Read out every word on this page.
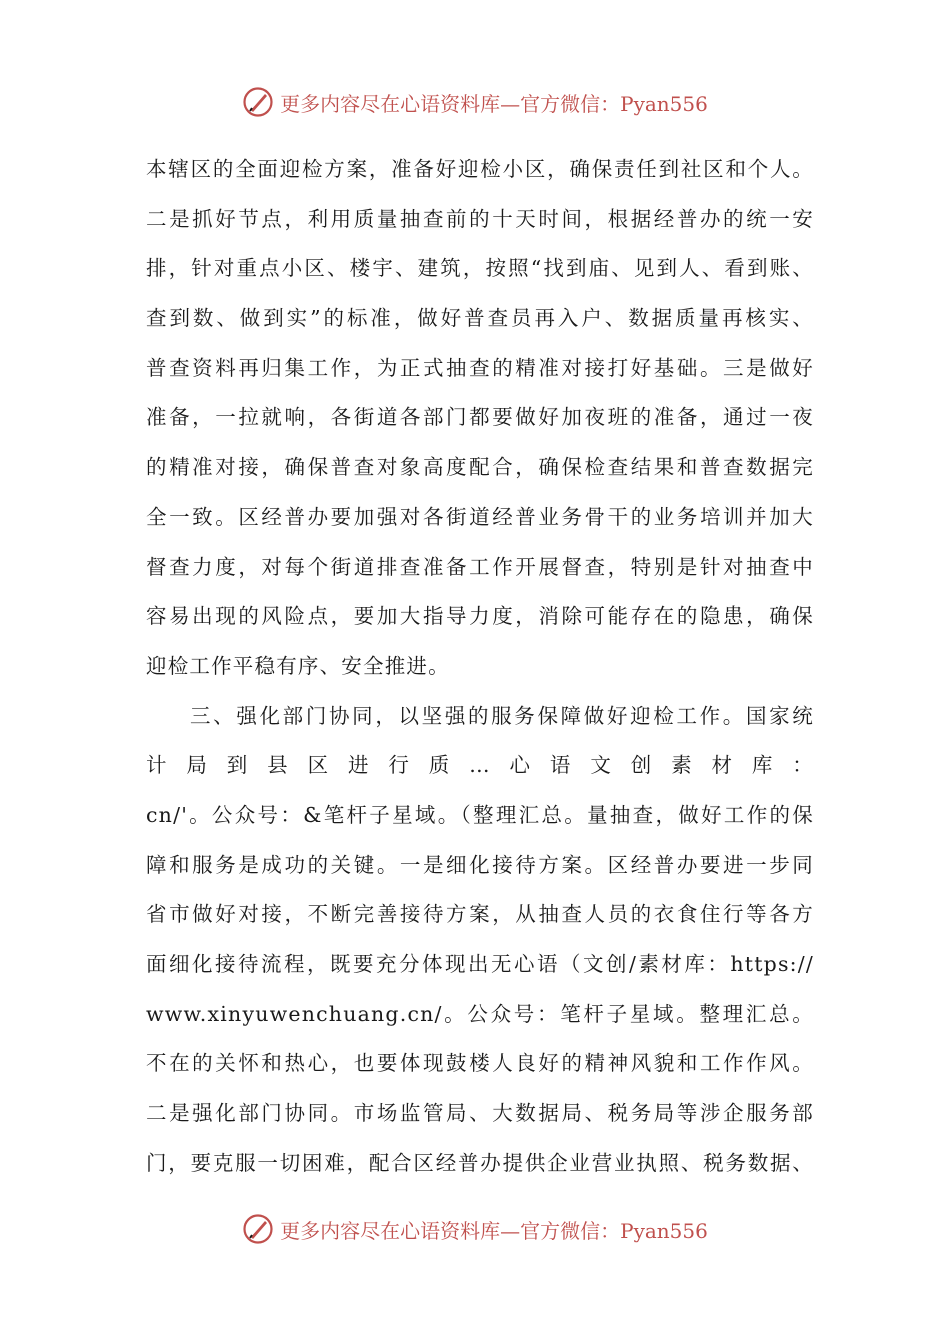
更多内容尽在心语资料库—官方微信：Pyan556
本辖区的全面迎检方案，准备好迎检小区，确保责任到社区和个人。
二是抓好节点，利用质量抽查前的十天时间，根据经普办的统一安
排，针对重点小区、楼宇、建筑，按照“找到庙、见到人、看到账、
查到数、做到实”的标准，做好普查员再入户、数据质量再核实、
普查资料再归集工作，为正式抽查的精准对接打好基础。三是做好
准备，一拉就响，各街道各部门都要做好加夜班的准备，通过一夜
的精准对接，确保普查对象高度配合，确保检查结果和普查数据完
全一致。区经普办要加强对各街道经普业务骨干的业务培训并加大
督查力度，对每个街道排查准备工作开展督查，特别是针对抽查中
容易出现的风险点，要加大指导力度，消除可能存在的隐患，确保
迎检工作平稳有序、安全推进。
三、强化部门协同，以坚强的服务保障做好迎检工作。国家统
计局到县区进行质…心语文创素材库：
cn/'。公众号：&笔杆子星域。（整理汇总。量抽查，做好工作的保
障和服务是成功的关键。一是细化接待方案。区经普办要进一步同
省市做好对接，不断完善接待方案，从抽查人员的衣食住行等各方
面细化接待流程，既要充分体现出无心语（文创/素材库：https://
www.xinyuwenchuang.cn/。公众号：笔杆子星域。整理汇总。
不在的关怀和热心，也要体现鼓楼人良好的精神风貌和工作作风。
二是强化部门协同。市场监管局、大数据局、税务局等涉企服务部
门，要克服一切困难，配合区经普办提供企业营业执照、税务数据、
更多内容尽在心语资料库—官方微信：Pyan556
